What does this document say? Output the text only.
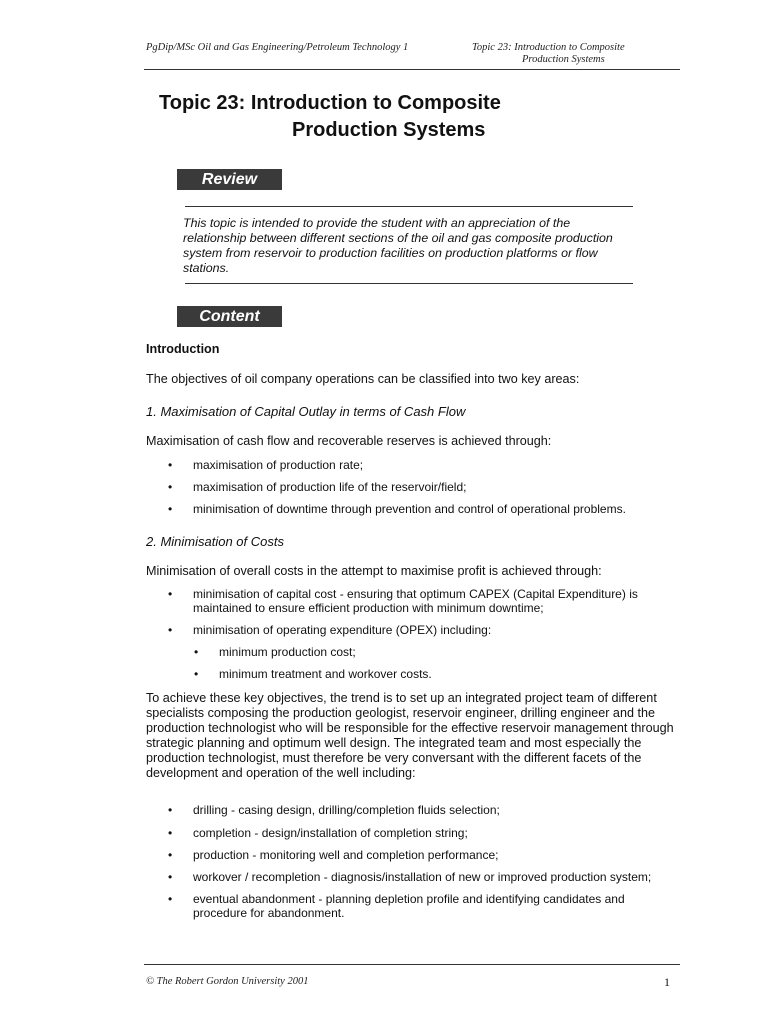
PgDip/MSc Oil and Gas Engineering/Petroleum Technology 1	Topic 23: Introduction to Composite
Production Systems
Topic 23: Introduction to Composite
Production Systems
Review
This topic is intended to provide the student with an appreciation of the relationship between different sections of the oil and gas composite production system from reservoir to production facilities on production platforms or flow stations.
Content
Introduction
The objectives of oil company operations can be classified into two key areas:
1. Maximisation of Capital Outlay in terms of Cash Flow
Maximisation of cash flow and recoverable reserves is achieved through:
• maximisation of production rate;
• maximisation of production life of the reservoir/field;
• minimisation of downtime through prevention and control of operational problems.
2. Minimisation of Costs
Minimisation of overall costs in the attempt to maximise profit is achieved through:
• minimisation of capital cost - ensuring that optimum CAPEX (Capital Expenditure) is maintained to ensure efficient production with minimum downtime;
• minimisation of operating expenditure (OPEX) including:
• minimum production cost;
• minimum treatment and workover costs.
To achieve these key objectives, the trend is to set up an integrated project team of different specialists composing the production geologist, reservoir engineer, drilling engineer and the production technologist who will be responsible for the effective reservoir management through strategic planning and optimum well design. The integrated team and most especially the production technologist, must therefore be very conversant with the different facets of the development and operation of the well including:
• drilling - casing design, drilling/completion fluids selection;
• completion - design/installation of completion string;
• production - monitoring well and completion performance;
• workover / recompletion - diagnosis/installation of new or improved production system;
• eventual abandonment - planning depletion profile and identifying candidates and procedure for abandonment.
© The Robert Gordon University 2001	1
